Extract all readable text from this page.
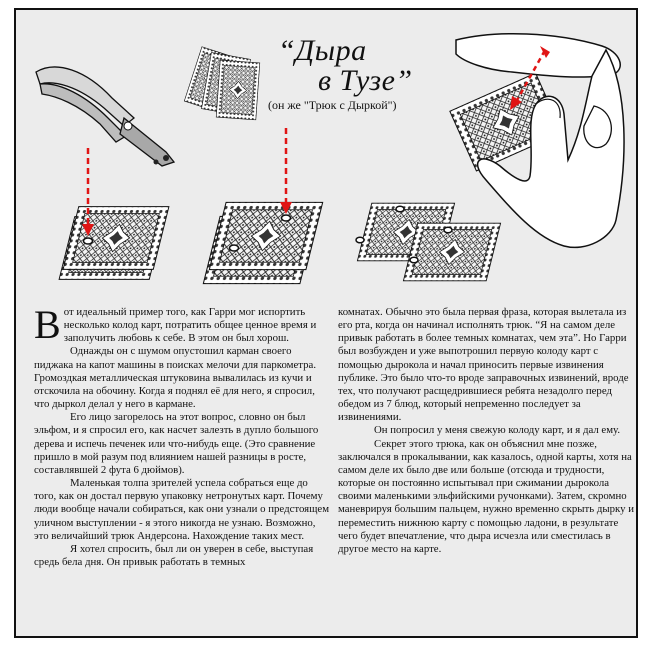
“Дыра
в Тузе”
(он же "Трюк с Дыркой")

Вот идеальный пример того, как Гарри мог испортить несколько колод карт, потратить общее ценное время и заполучить любовь к себе. В этом он был хорош.

Однажды он с шумом опустошил карман своего пиджака на капот машины в поисках мелочи для паркометра. Громоздкая металлическая штуковина вывалилась из кучи и отскочила на обочину. Когда я поднял её для него, я спросил, что дыркол делал у него в кармане.

Его лицо загорелось на этот вопрос, словно он был эльфом, и я спросил его, как насчет залезть в дупло большого дерева и испечь печенек или что-нибудь еще. (Это сравнение пришло в мой разум под влиянием нашей разницы в росте, составлявшей 2 фута 6 дюймов).

Маленькая толпа зрителей успела собраться еще до того, как он достал первую упаковку нетронутых карт. Почему люди вообще начали собираться, как они узнали о предстоящем уличном выступлении - я этого никогда не узнаю. Возможно, это величайший трюк Андерсона. Нахождение таких мест.

Я хотел спросить, был ли он уверен в себе, выступая средь бела дня. Он привык работать в темных

комнатах. Обычно это была первая фраза, которая вылетала из его рта, когда он начинал исполнять трюк. “Я на самом деле привык работать в более темных комнатах, чем эта”. Но Гарри был возбужден и уже выпотрошил первую колоду карт с помощью дырокола и начал приносить первые извинения публике. Это было что-то вроде заправочных извинений, вроде тех, что получают расщедрившиеся ребята незадолго перед обедом из 7 блюд, который непременно последует за извинениями.

Он попросил у меня свежую колоду карт, и я дал ему.

Секрет этого трюка, как он объяснил мне позже, заключался в прокалывании, как казалось, одной карты, хотя на самом деле их было две или больше (отсюда и трудности, которые он постоянно испытывал при сжимании дырокола своими маленькими эльфийскими ручонками). Затем, скромно маневрируя большим пальцем, нужно временно скрыть дырку и переместить нижнюю карту с помощью ладони, в результате чего будет впечатление, что дыра исчезла или сместилась в другое место на карте.
